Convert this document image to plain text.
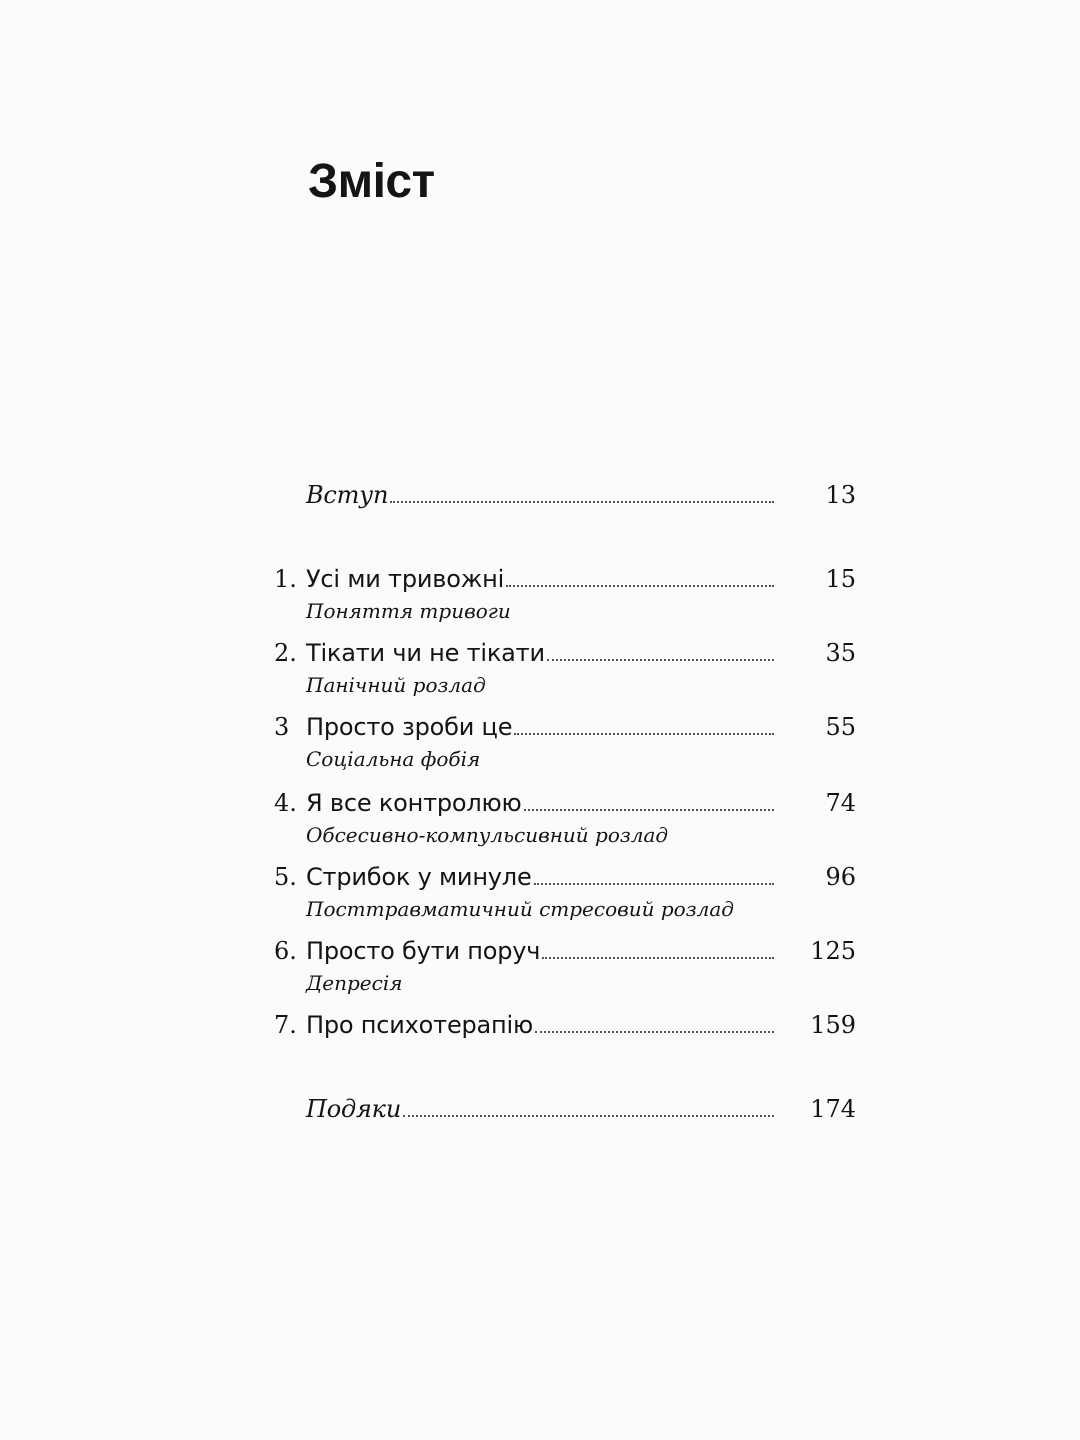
Зміст
Вступ	13
1. Усі ми тривожні	15
Поняття тривоги
2. Тікати чи не тікати	35
Панічний розлад
3 Просто зроби це	55
Соціальна фобія
4. Я все контролюю	74
Обсесивно-компульсивний розлад
5. Стрибок у минуле	96
Посттравматичний стресовий розлад
6. Просто бути поруч	125
Депресія
7. Про психотерапію	159
Подяки	174
